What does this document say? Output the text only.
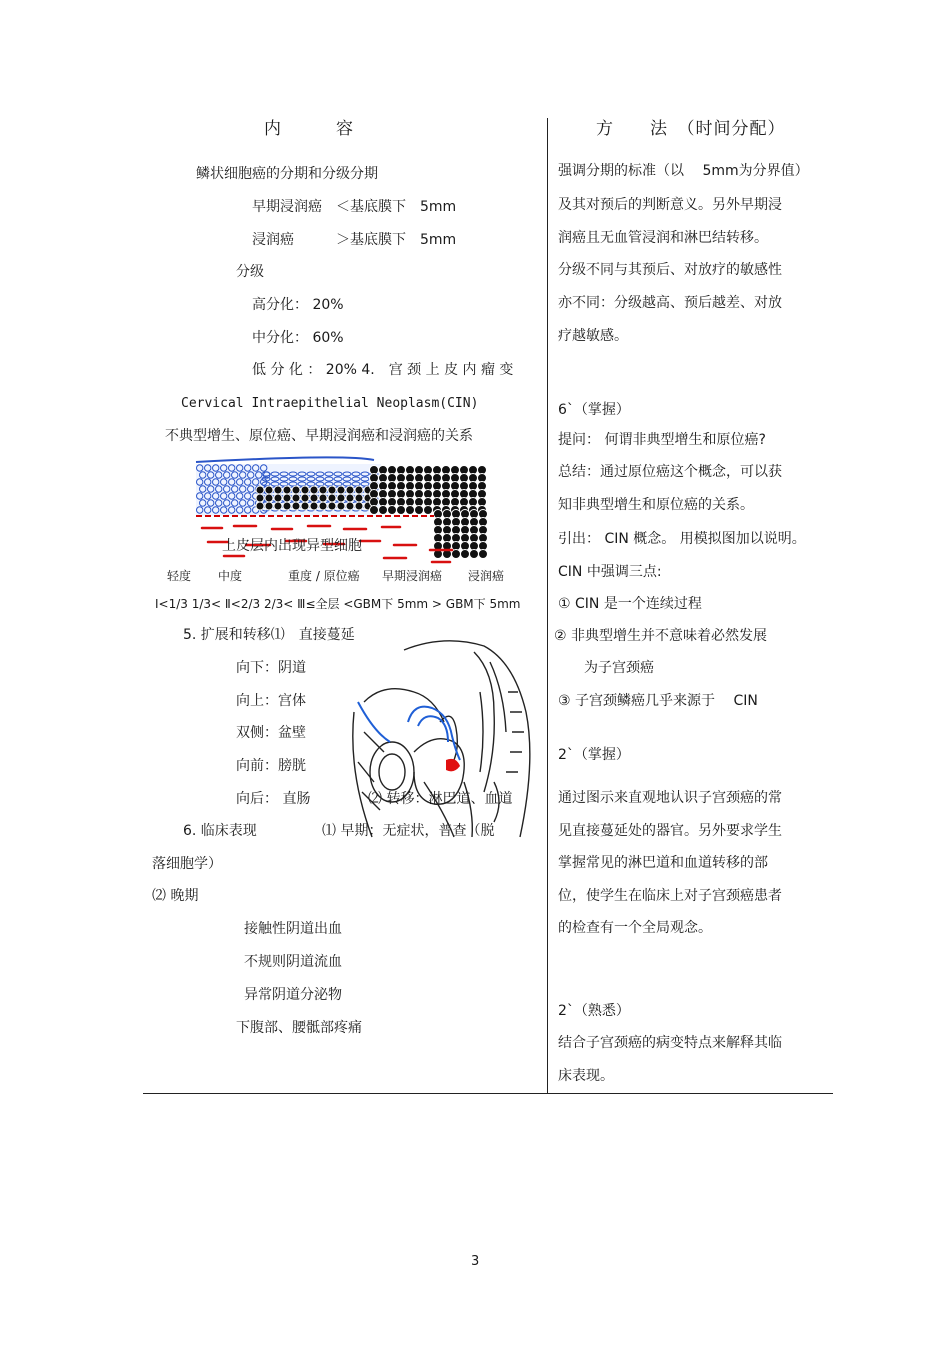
内　　　容	方　　法　（时间分配）
鳞状细胞癌的分期和分级分期
早期浸润癌　＜基底膜下　5mm
浸润癌　　　＞基底膜下　5mm
分级
高分化： 20%
中分化： 60%
低 分 化 ： 20% 4.　宫 颈 上 皮 内 瘤 变
Cervical Intraepithelial Neoplasm(CIN)
不典型增生、原位癌、早期浸润癌和浸润癌的关系
上皮层内出现异型细胞
轻度 中度	重度 / 原位癌 早期浸润癌 浸润癌
Ⅰ<1/3 1/3< Ⅱ<2/3 2/3< Ⅲ≤全层 <GBM下 5mm > GBM下 5mm
5. 扩展和转移⑴　直接蔓延
向下：阴道
向上：宫体
双侧：盆壁
向前：膀胱
向后： 直肠	⑵ 转移：淋巴道、血道
6. 临床表现	⑴ 早期：无症状，普查（脱
落细胞学）
⑵ 晚期
接触性阴道出血
不规则阴道流血
异常阴道分泌物
下腹部、腰骶部疼痛
强调分期的标准（以　 5mm为分界值）
及其对预后的判断意义。另外早期浸
润癌且无血管浸润和淋巴结转移。
分级不同与其预后、对放疗的敏感性
亦不同：分级越高、预后越差、对放
疗越敏感。
6`（掌握）
提问： 何谓非典型增生和原位癌?
总结：通过原位癌这个概念，可以获
知非典型增生和原位癌的关系。
引出： CIN 概念。 用模拟图加以说明。
CIN 中强调三点:
① CIN 是一个连续过程
② 非典型增生并不意味着必然发展
为子宫颈癌
③ 子宫颈鳞癌几乎来源于　 CIN
2`（掌握）
通过图示来直观地认识子宫颈癌的常
见直接蔓延处的器官。另外要求学生
掌握常见的淋巴道和血道转移的部
位，使学生在临床上对子宫颈癌患者
的检查有一个全局观念。
2`（熟悉）
结合子宫颈癌的病变特点来解释其临
床表现。
3
